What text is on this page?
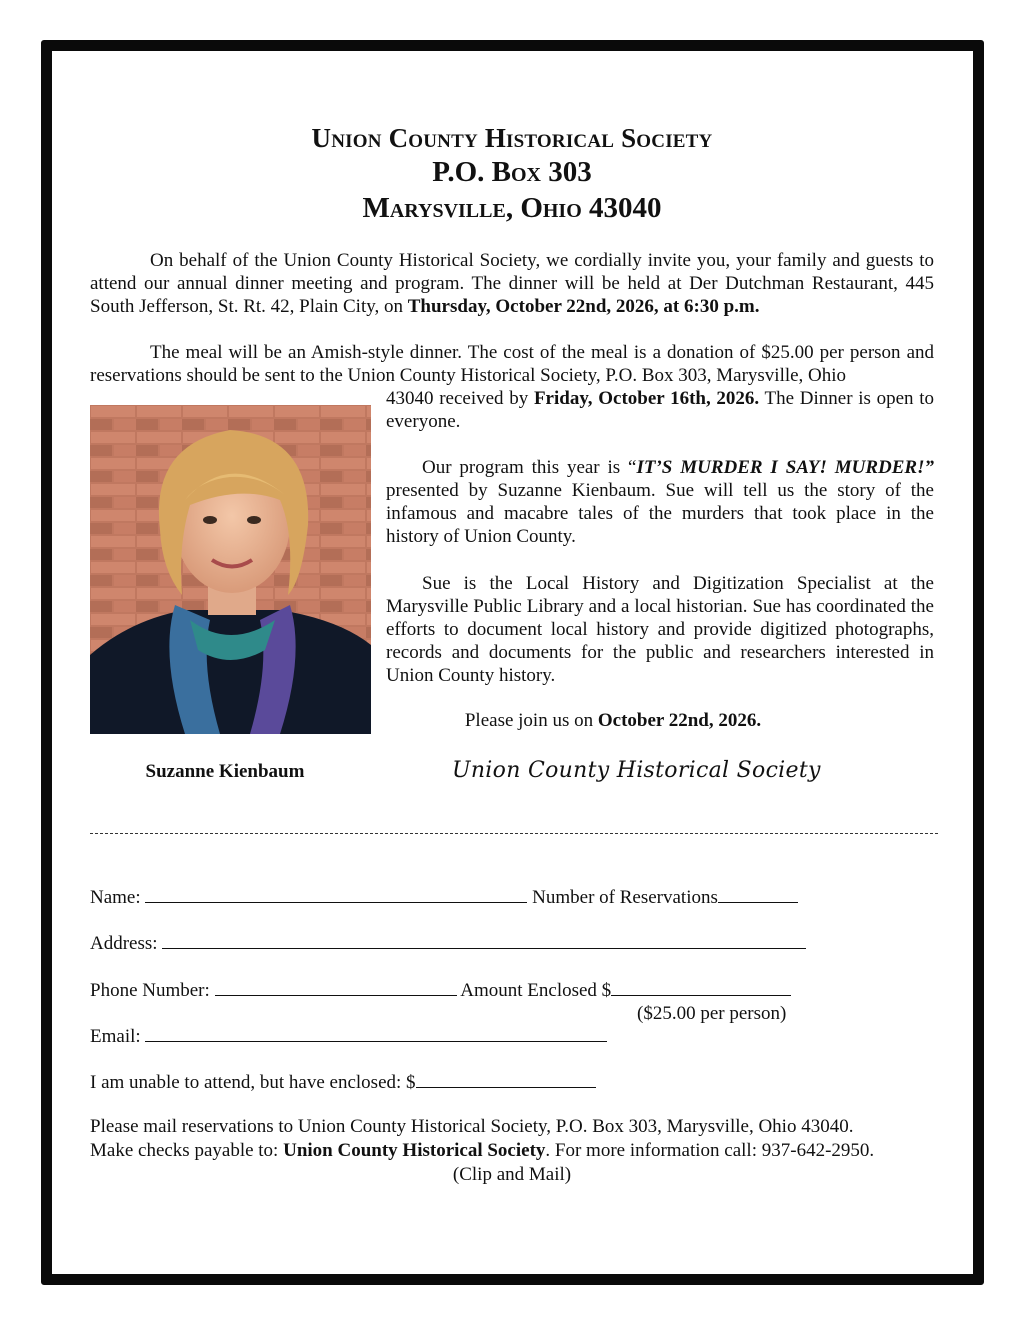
Union County Historical Society
P.O. Box 303
Marysville, Ohio 43040
On behalf of the Union County Historical Society, we cordially invite you, your family and guests to attend our annual dinner meeting and program. The dinner will be held at Der Dutchman Restaurant, 445 South Jefferson, St. Rt. 42, Plain City, on Thursday, October 22nd, 2026, at 6:30 p.m.
The meal will be an Amish-style dinner. The cost of the meal is a donation of $25.00 per person and reservations should be sent to the Union County Historical Society, P.O. Box 303, Marysville, Ohio
43040 received by Friday, October 16th, 2026. The Dinner is open to everyone.
Suzanne Kienbaum
Our program this year is “IT’S MURDER I SAY! MURDER!” presented by Suzanne Kienbaum. Sue will tell us the story of the infamous and macabre tales of the murders that took place in the history of Union County.
Sue is the Local History and Digitization Specialist at the Marysville Public Library and a local historian. Sue has coordinated the efforts to document local history and provide digitized photographs, records and documents for the public and researchers interested in Union County history.
Please join us on October 22nd, 2026.
Union County Historical Society
Name:	Number of Reservations
Address:
Phone Number:	Amount Enclosed $
($25.00 per person)
Email:
I am unable to attend, but have enclosed: $
Please mail reservations to Union County Historical Society, P.O. Box 303, Marysville, Ohio 43040.
Make checks payable to: Union County Historical Society. For more information call: 937-642-2950.
(Clip and Mail)
